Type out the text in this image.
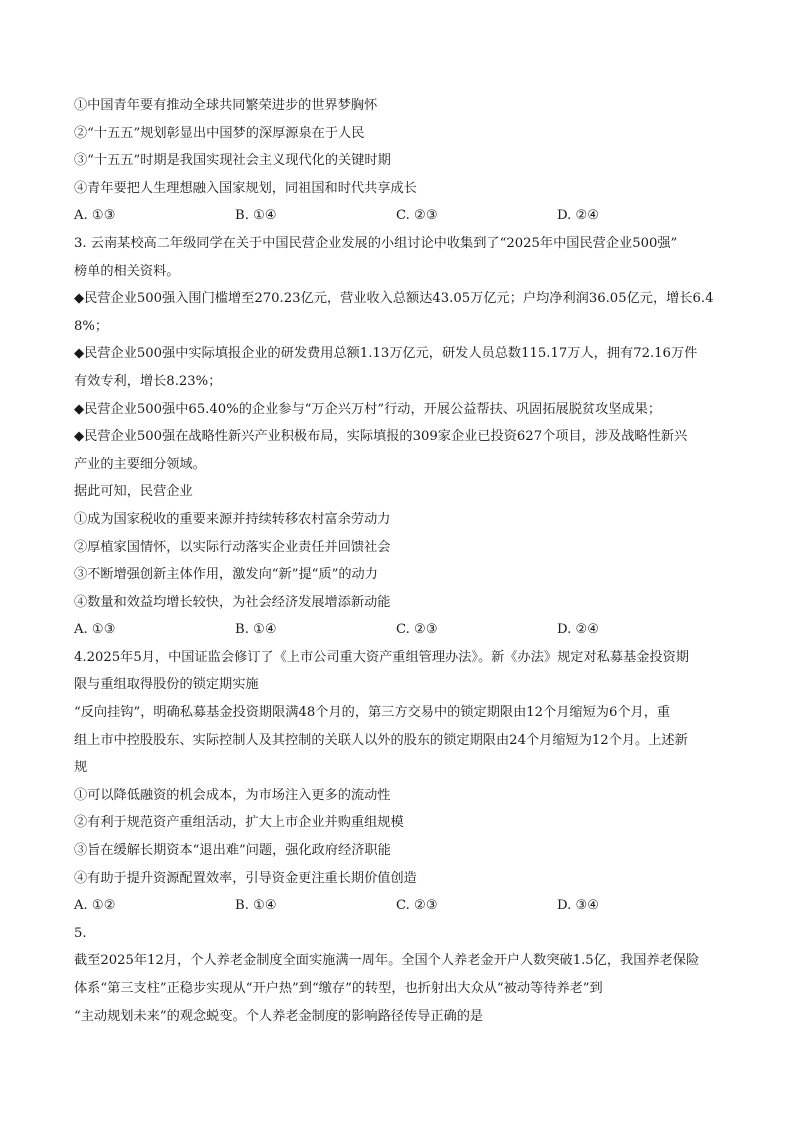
①中国青年要有推动全球共同繁荣进步的世界梦胸怀
②“十五五”规划彰显出中国梦的深厚源泉在于人民
③“十五五”时期是我国实现社会主义现代化的关键时期
④青年要把人生理想融入国家规划，同祖国和时代共享成长
A. ①③	B. ①④	C. ②③	D. ②④
3. 云南某校高二年级同学在关于中国民营企业发展的小组讨论中收集到了“2025年中国民营企业500强”
榜单的相关资料。
◆民营企业500强入围门槛增至270.23亿元，营业收入总额达43.05万亿元；户均净利润36.05亿元，增长6.4
8%；
◆民营企业500强中实际填报企业的研发费用总额1.13万亿元，研发人员总数115.17万人，拥有72.16万件
有效专利，增长8.23%；
◆民营企业500强中65.40%的企业参与“万企兴万村”行动，开展公益帮扶、巩固拓展脱贫攻坚成果；
◆民营企业500强在战略性新兴产业积极布局，实际填报的309家企业已投资627个项目，涉及战略性新兴
产业的主要细分领域。
据此可知，民营企业
①成为国家税收的重要来源并持续转移农村富余劳动力
②厚植家国情怀，以实际行动落实企业责任并回馈社会
③不断增强创新主体作用，激发向“新”提“质”的动力
④数量和效益均增长较快，为社会经济发展增添新动能
A. ①③	B. ①④	C. ②③	D. ②④
4.2025年5月，中国证监会修订了《上市公司重大资产重组管理办法》。新《办法》规定对私募基金投资期
限与重组取得股份的锁定期实施
“反向挂钩”，明确私募基金投资期限满48个月的，第三方交易中的锁定期限由12个月缩短为6个月，重
组上市中控股股东、实际控制人及其控制的关联人以外的股东的锁定期限由24个月缩短为12个月。上述新
规
①可以降低融资的机会成本，为市场注入更多的流动性
②有利于规范资产重组活动，扩大上市企业并购重组规模
③旨在缓解长期资本“退出难”问题，强化政府经济职能
④有助于提升资源配置效率，引导资金更注重长期价值创造
A. ①②	B. ①④	C. ②③	D. ③④
5.
截至2025年12月，个人养老金制度全面实施满一周年。全国个人养老金开户人数突破1.5亿，我国养老保险
体系“第三支柱”正稳步实现从“开户热”到“缴存”的转型，也折射出大众从“被动等待养老”到
“主动规划未来”的观念蜕变。个人养老金制度的影响路径传导正确的是
